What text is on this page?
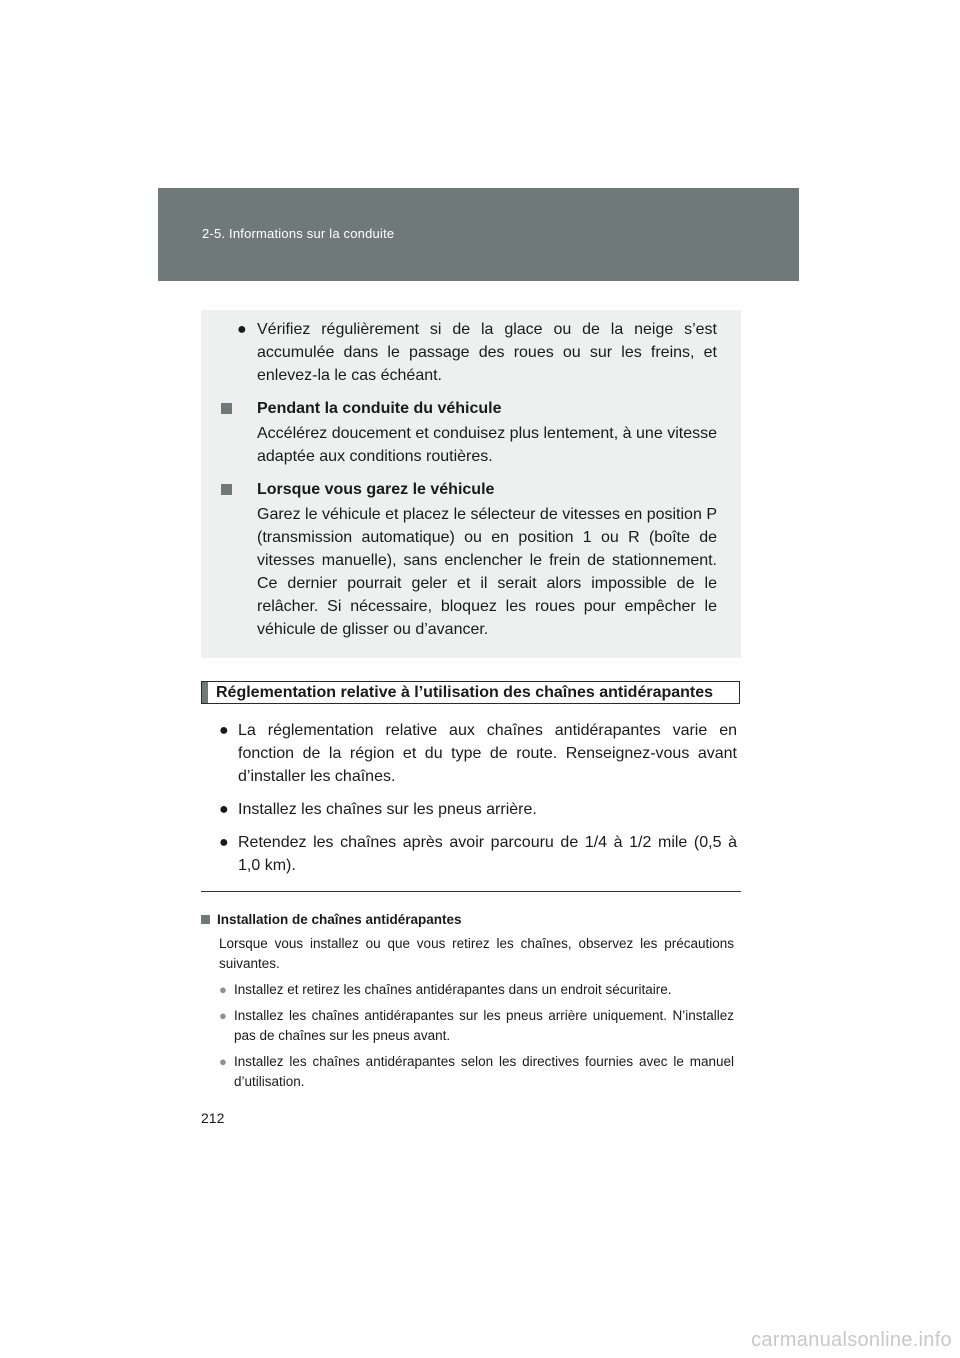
2-5. Informations sur la conduite
● Vérifiez régulièrement si de la glace ou de la neige s’est accumulée dans le passage des roues ou sur les freins, et enlevez-la le cas échéant.
Pendant la conduite du véhicule
Accélérez doucement et conduisez plus lentement, à une vitesse adaptée aux conditions routières.
Lorsque vous garez le véhicule
Garez le véhicule et placez le sélecteur de vitesses en position P (transmission automatique) ou en position 1 ou R (boîte de vitesses manuelle), sans enclencher le frein de stationnement. Ce dernier pourrait geler et il serait alors impossible de le relâcher. Si nécessaire, bloquez les roues pour empêcher le véhicule de glisser ou d’avancer.
Réglementation relative à l’utilisation des chaînes antidérapantes
● La réglementation relative aux chaînes antidérapantes varie en fonction de la région et du type de route. Renseignez-vous avant d’installer les chaînes.
● Installez les chaînes sur les pneus arrière.
● Retendez les chaînes après avoir parcouru de 1/4 à 1/2 mile (0,5 à 1,0 km).
Installation de chaînes antidérapantes
Lorsque vous installez ou que vous retirez les chaînes, observez les précautions suivantes.
● Installez et retirez les chaînes antidérapantes dans un endroit sécuritaire.
● Installez les chaînes antidérapantes sur les pneus arrière uniquement. N’installez pas de chaînes sur les pneus avant.
● Installez les chaînes antidérapantes selon les directives fournies avec le manuel d’utilisation.
212
carmanualsonline.info
